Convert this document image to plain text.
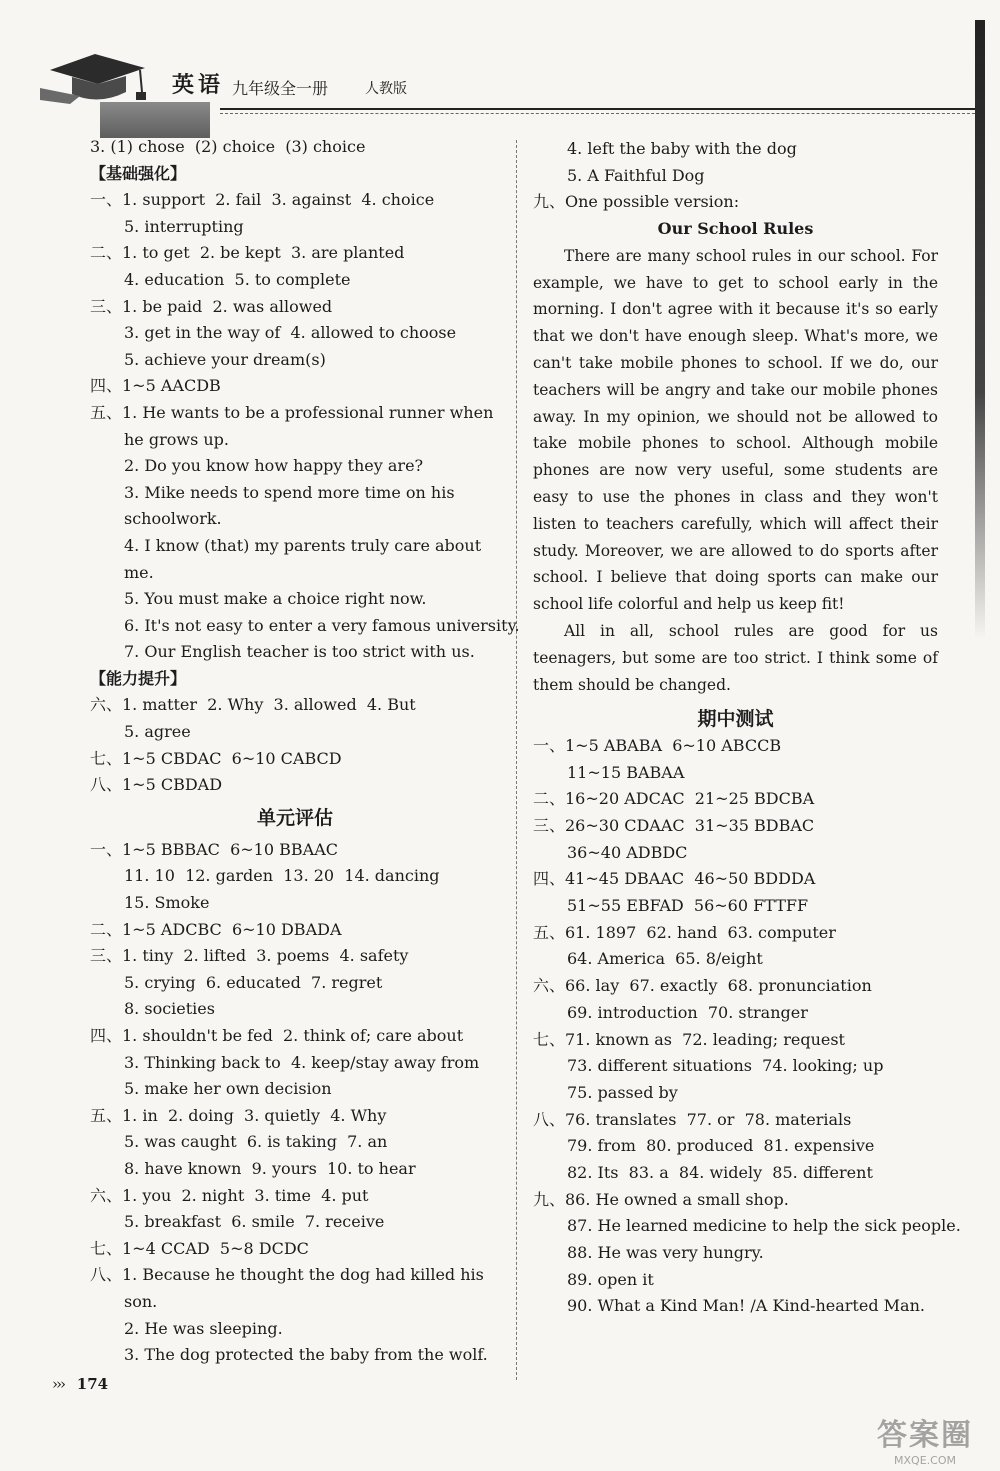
英语 九年级全一册	人教版
3. (1) chose  (2) choice  (3) choice
【基础强化】
一、1. support  2. fail  3. against  4. choice
5. interrupting
二、1. to get  2. be kept  3. are planted
4. education  5. to complete
三、1. be paid  2. was allowed
3. get in the way of  4. allowed to choose
5. achieve your dream(s)
四、1~5 AACDB
五、1. He wants to be a professional runner when
he grows up.
2. Do you know how happy they are?
3. Mike needs to spend more time on his
schoolwork.
4. I know (that) my parents truly care about
me.
5. You must make a choice right now.
6. It's not easy to enter a very famous university.
7. Our English teacher is too strict with us.
【能力提升】
六、1. matter  2. Why  3. allowed  4. But
5. agree
七、1~5 CBDAC  6~10 CABCD
八、1~5 CBDAD
单元评估
一、1~5 BBBAC  6~10 BBAAC
11. 10  12. garden  13. 20  14. dancing
15. Smoke
二、1~5 ADCBC  6~10 DBADA
三、1. tiny  2. lifted  3. poems  4. safety
5. crying  6. educated  7. regret
8. societies
四、1. shouldn't be fed  2. think of; care about
3. Thinking back to  4. keep/stay away from
5. make her own decision
五、1. in  2. doing  3. quietly  4. Why
5. was caught  6. is taking  7. an
8. have known  9. yours  10. to hear
六、1. you  2. night  3. time  4. put
5. breakfast  6. smile  7. receive
七、1~4 CCAD  5~8 DCDC
八、1. Because he thought the dog had killed his
son.
2. He was sleeping.
3. The dog protected the baby from the wolf.
4. left the baby with the dog
5. A Faithful Dog
九、One possible version:
Our School Rules

There are many school rules in our school. For example, we have to get to school early in the morning. I don't agree with it because it's so early that we don't have enough sleep. What's more, we can't take mobile phones to school. If we do, our teachers will be angry and take our mobile phones away. In my opinion, we should not be allowed to take mobile phones to school. Although mobile phones are now very useful, some students are easy to use the phones in class and they won't listen to teachers carefully, which will affect their study. Moreover, we are allowed to do sports after school. I believe that doing sports can make our school life colorful and help us keep fit!

All in all, school rules are good for us teenagers, but some are too strict. I think some of them should be changed.

期中测试
一、1~5 ABABA  6~10 ABCCB
11~15 BABAA
二、16~20 ADCAC  21~25 BDCBA
三、26~30 CDAAC  31~35 BDBAC
36~40 ADBDC
四、41~45 DBAAC  46~50 BDDDA
51~55 EBFAD  56~60 FTTFF
五、61. 1897  62. hand  63. computer
64. America  65. 8/eight
六、66. lay  67. exactly  68. pronunciation
69. introduction  70. stranger
七、71. known as  72. leading; request
73. different situations  74. looking; up
75. passed by
八、76. translates  77. or  78. materials
79. from  80. produced  81. expensive
82. Its  83. a  84. widely  85. different
九、86. He owned a small shop.
87. He learned medicine to help the sick people.
88. He was very hungry.
89. open it
90. What a Kind Man! /A Kind-hearted Man.
››› 174
答案圈
MXQE.COM
